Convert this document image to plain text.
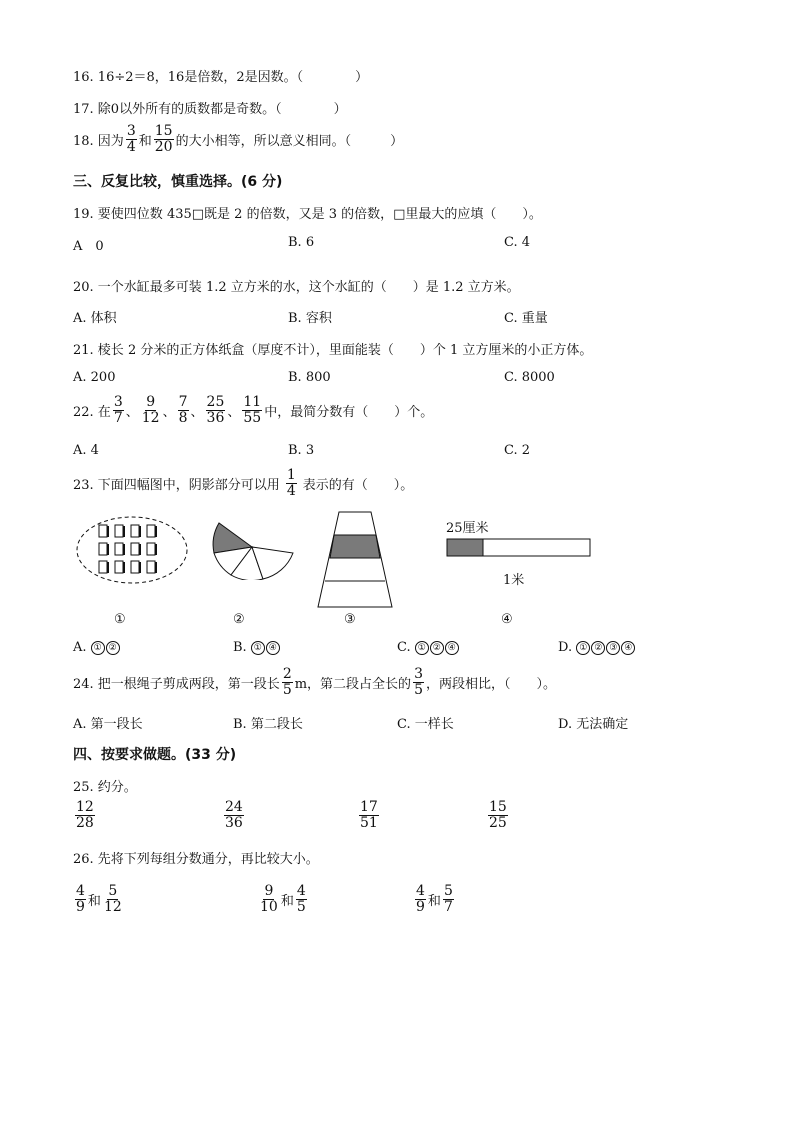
16. 16÷2＝8，16是倍数，2是因数。（　　　　）
17. 除0以外所有的质数都是奇数。（　　　　）
18. 因为 $\frac{3}{4}$ 和 $\frac{15}{20}$ 的大小相等，所以意义相同。（　　　）
三、反复比较，慎重选择。(6 分)
19. 要使四位数 435□既是 2 的倍数，又是 3 的倍数，□里最大的应填（　　）。
A　0	B. 6	C. 4
20. 一个水缸最多可装 1.2 立方米的水，这个水缸的（　　）是 1.2 立方米。
A. 体积	B. 容积	C. 重量
21. 棱长 2 分米的正方体纸盒（厚度不计），里面能装（　　）个 1 立方厘米的小正方体。
A. 200	B. 800	C. 8000
22. 在 $\frac{3}{7}$ 、 $\frac{9}{12}$ 、 $\frac{7}{8}$ 、 $\frac{25}{36}$ 、 $\frac{11}{55}$ 中，最简分数有（　　）个。
A. 4	B. 3	C. 2
23. 下面四幅图中，阴影部分可以用 $\frac{1}{4}$ 表示的有（　　）。
25厘米
1米
①	②	③	④
A. ① ②	B. ① ④	C. ① ② ④	D. ① ② ③ ④
24. 把一根绳子剪成两段，第一段长 $\frac{2}{5}$ m，第二段占全长的 $\frac{3}{5}$ ，两段相比，（　　）。
A. 第一段长	B. 第二段长	C. 一样长	D. 无法确定
四、按要求做题。(33 分)
25. 约分。
$\frac{12}{28}$	$\frac{24}{36}$	$\frac{17}{51}$	$\frac{15}{25}$
26. 先将下列每组分数通分，再比较大小。
$\frac{4}{9}$ 和 $\frac{5}{12}$	$\frac{9}{10}$ 和 $\frac{4}{5}$	$\frac{4}{9}$ 和 $\frac{5}{7}$
